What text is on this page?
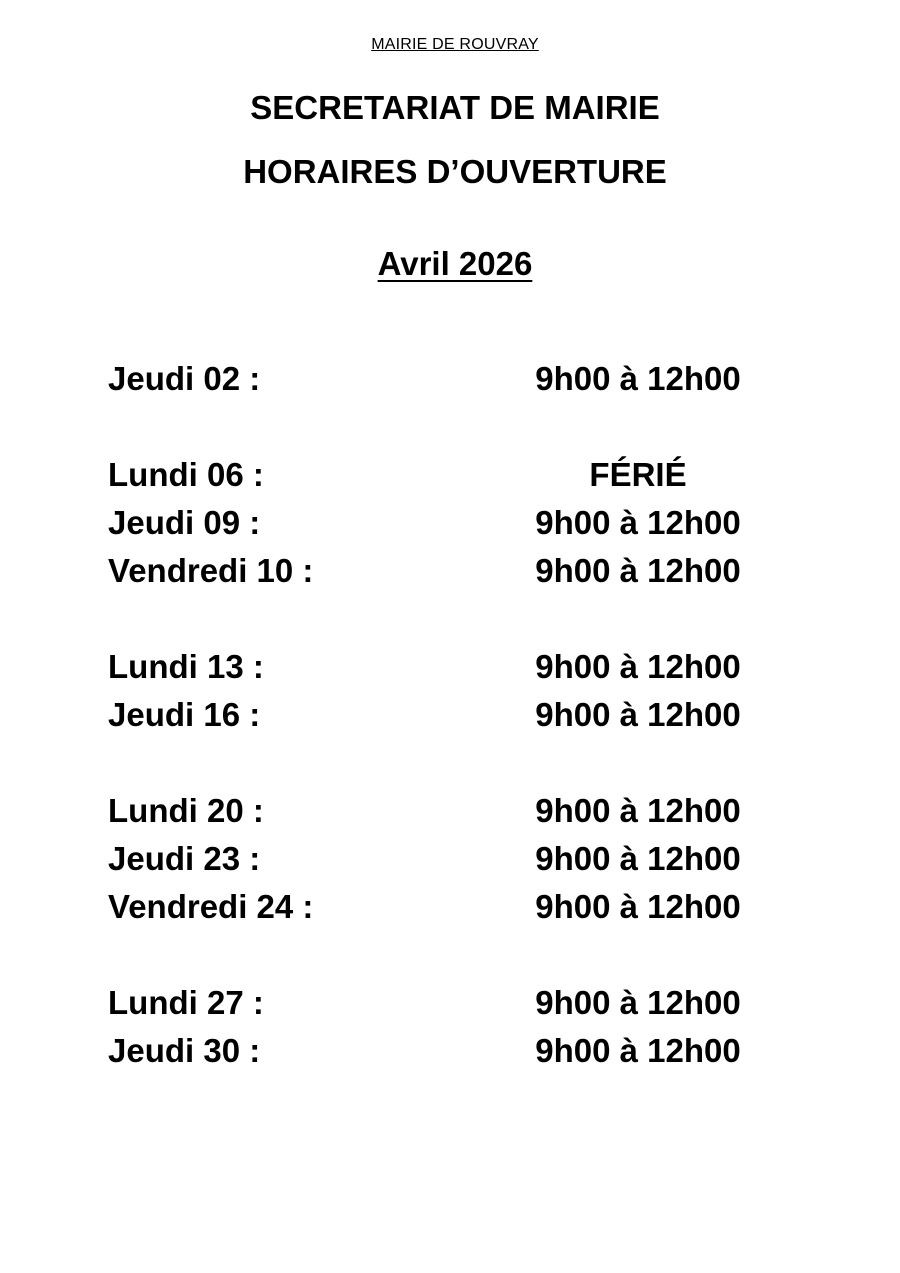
MAIRIE DE ROUVRAY
SECRETARIAT DE MAIRIE
HORAIRES D’OUVERTURE
Avril 2026
Jeudi 02 :	9h00 à 12h00
Lundi 06 :	FÉRIÉ
Jeudi 09 :	9h00 à 12h00
Vendredi 10 :	9h00 à 12h00
Lundi 13 :	9h00 à 12h00
Jeudi 16 :	9h00 à 12h00
Lundi 20 :	9h00 à 12h00
Jeudi 23 :	9h00 à 12h00
Vendredi 24 :	9h00 à 12h00
Lundi 27 :	9h00 à 12h00
Jeudi 30 :	9h00 à 12h00
